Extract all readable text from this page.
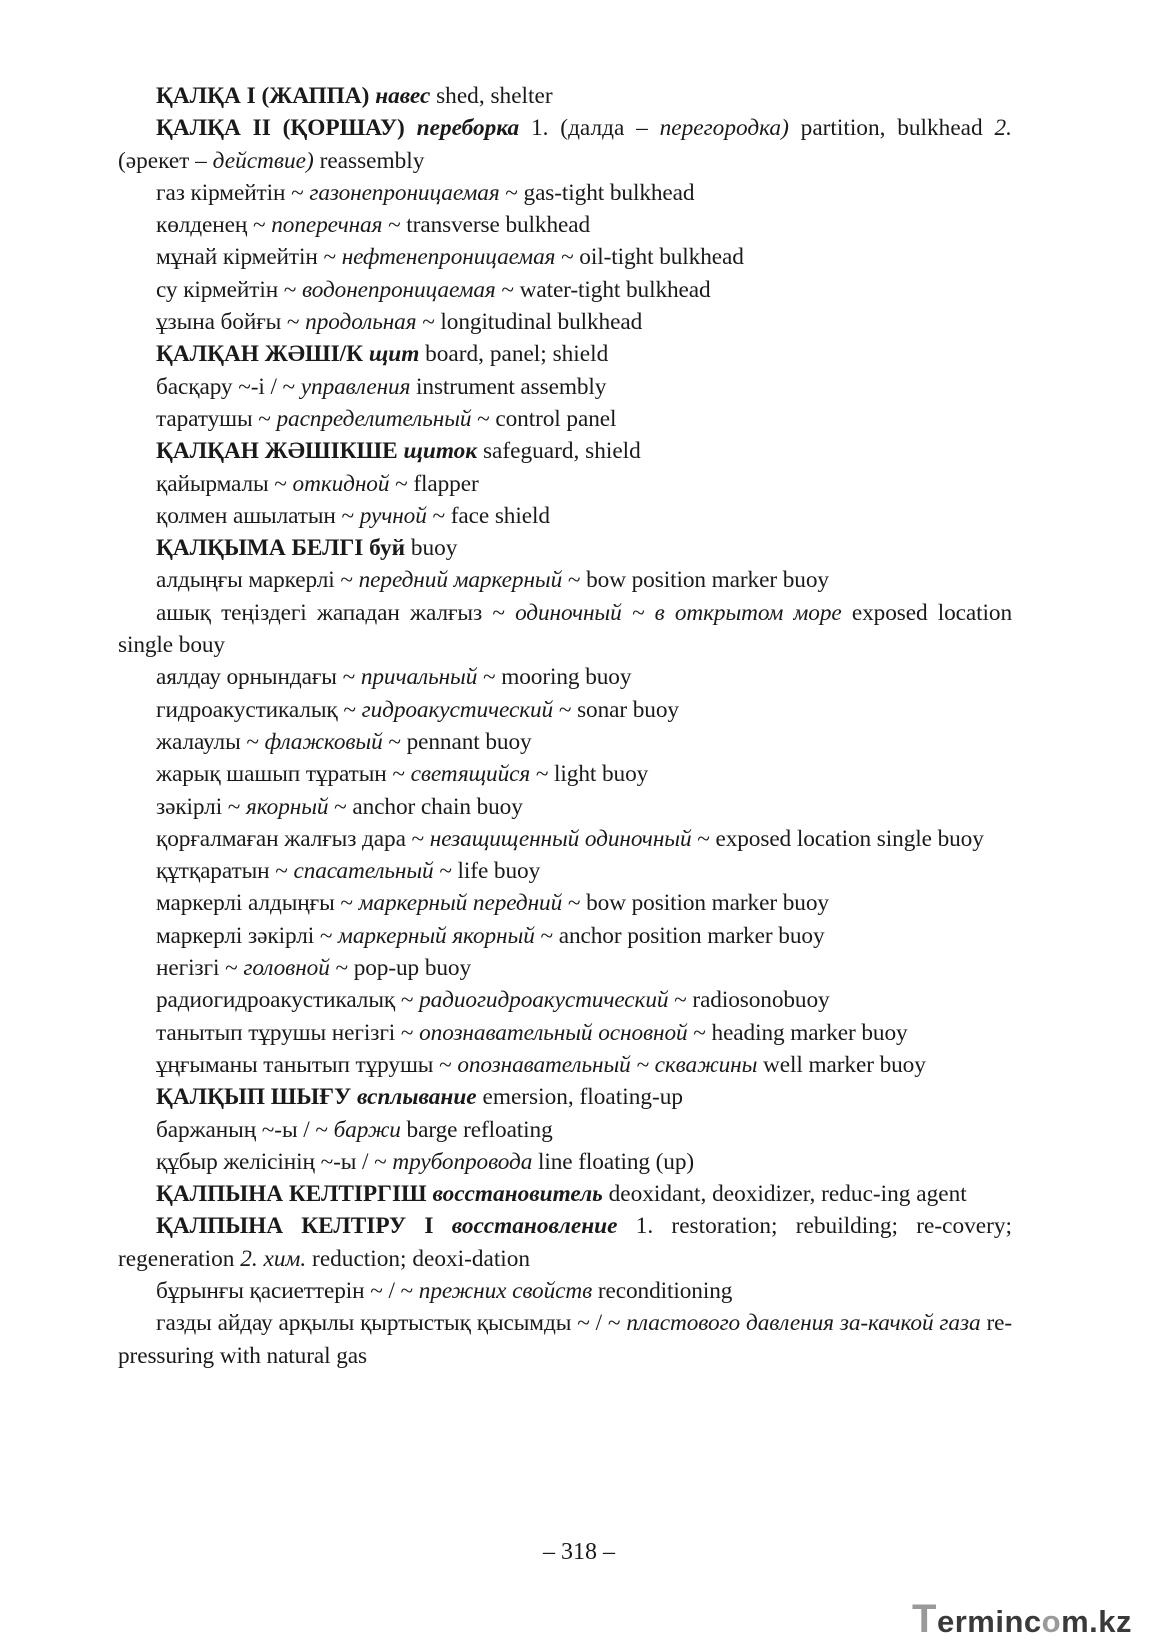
ҚАЛҚА І (ЖАППА) навес shed, shelter

ҚАЛҚА ІІ (ҚОРШАУ) переборка 1. (далда – перегородка) partition, bulkhead 2. (әрекет – действие) reassembly

газ кірмейтін ~ газонепроницаемая ~ gas-tight bulkhead

көлденең ~ поперечная ~ transverse bulkhead

мұнай кірмейтін ~ нефтенепроницаемая ~ oil-tight bulkhead

су кірмейтін ~ водонепроницаемая ~ water-tight bulkhead

ұзына бойғы ~ продольная ~ longitudinal bulkhead

ҚАЛҚАН ЖӘШІ/К щит board, panel; shield

басқару ~-і / ~ управления instrument assembly

таратушы ~ распределительный ~ control panel

ҚАЛҚАН ЖӘШІКШЕ щиток safeguard, shield

қайырмалы ~ откидной ~ flapper

қолмен ашылатын ~ ручной ~ face shield

ҚАЛҚЫМА БЕЛГІ буй buoy

алдыңғы маркерлі ~ передний маркерный ~ bow position marker buoy

ашық теңіздегі жападан жалғыз ~ одиночный ~ в открытом море exposed location single bouy

аялдау орнындағы ~ причальный ~ mooring buoy

гидроакустикалық ~ гидроакустический ~ sonar buoy

жалаулы ~ флажковый ~ pennant buoy

жарық шашып тұратын ~ светящийся ~ light buoy

зәкірлі ~ якорный ~ anchor chain buoy

қорғалмаған жалғыз дара ~ незащищенный одиночный ~ exposed location single buoy

құтқаратын ~ спасательный ~ life buoy

маркерлі алдыңғы ~ маркерный передний ~ bow position marker buoy

маркерлі зәкірлі ~ маркерный якорный ~ anchor position marker buoy

негізгі ~ головной ~ pop-up buoy

радиогидроакустикалық ~ радиогидроакустический ~ radiosonobuoy

танытып тұрушы негізгі ~ опознавательный основной ~ heading marker buoy

ұңғыманы танытып тұрушы ~ опознавательный ~ скважины well marker buoy

ҚАЛҚЫП ШЫҒУ всплывание emersion, floating-up

баржаның ~-ы / ~ баржи barge refloating

құбыр желісінің ~-ы / ~ трубопровода line floating (up)

ҚАЛПЫНА КЕЛТІРГІШ восстановитель deoxidant, deoxidizer, reduc-ing agent

ҚАЛПЫНА КЕЛТІРУ І восстановление 1. restoration; rebuilding; re-covery; regeneration 2. хим. reduction; deoxi-dation

бұрынғы қасиеттерін ~ / ~ прежних свойств reconditioning

газды айдау арқылы қыртыстық қысымды ~ / ~ пластового давления за-качкой газа re-pressuring with natural gas

– 318 –
Termincom.kz
